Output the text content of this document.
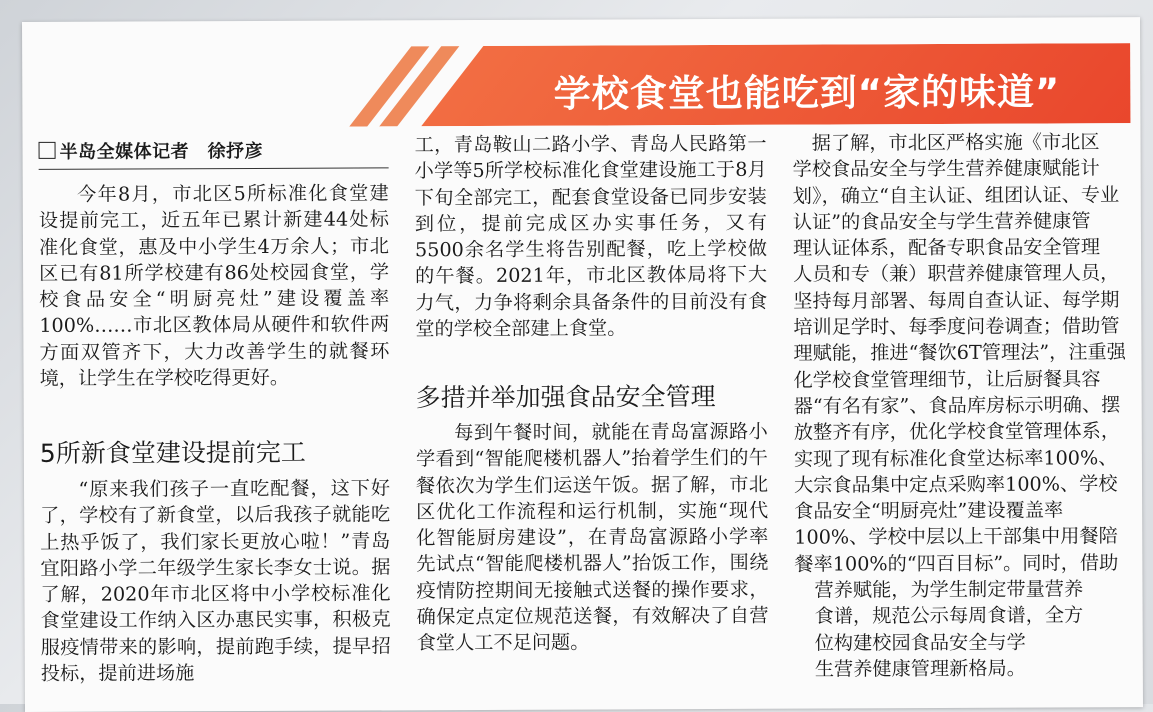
学校食堂也能吃到“家的味道”
半岛全媒体记者　徐抒彦

今年8月，市北区5所标准化食堂建设提前完工，近五年已累计新建44处标准化食堂，惠及中小学生4万余人；市北区已有81所学校建有86处校园食堂，学校食品安全“明厨亮灶”建设覆盖率100%……市北区教体局从硬件和软件两方面双管齐下，大力改善学生的就餐环境，让学生在学校吃得更好。

5所新食堂建设提前完工

“原来我们孩子一直吃配餐，这下好了，学校有了新食堂，以后我孩子就能吃上热乎饭了，我们家长更放心啦！”青岛宜阳路小学二年级学生家长李女士说。据了解，2020年市北区将中小学校标准化食堂建设工作纳入区办惠民实事，积极克服疫情带来的影响，提前跑手续，提早招投标，提前进场施

工，青岛鞍山二路小学、青岛人民路第一小学等5所学校标准化食堂建设施工于8月下旬全部完工，配套食堂设备已同步安装到位，提前完成区办实事任务，又有5500余名学生将告别配餐，吃上学校做的午餐。2021年，市北区教体局将下大力气，力争将剩余具备条件的目前没有食堂的学校全部建上食堂。

多措并举加强食品安全管理

每到午餐时间，就能在青岛富源路小学看到“智能爬楼机器人”抬着学生们的午餐依次为学生们运送午饭。据了解，市北区优化工作流程和运行机制，实施“现代化智能厨房建设”，在青岛富源路小学率先试点“智能爬楼机器人”抬饭工作，围绕疫情防控期间无接触式送餐的操作要求，确保定点定位规范送餐，有效解决了自营食堂人工不足问题。

　据了解，市北区严格实施《市北区

学校食品安全与学生营养健康赋能计

划》，确立“自主认证、组团认证、专业

认证”的食品安全与学生营养健康管

理认证体系，配备专职食品安全管理

人员和专（兼）职营养健康管理人员，

坚持每月部署、每周自查认证、每学期

培训足学时、每季度问卷调查；借助管

理赋能，推进“餐饮6T管理法”，注重强

化学校食堂管理细节，让后厨餐具容

器“有名有家”、食品库房标示明确、摆

放整齐有序，优化学校食堂管理体系，

实现了现有标准化食堂达标率100%、

大宗食品集中定点采购率100%、学校

食品安全“明厨亮灶”建设覆盖率

100%、学校中层以上干部集中用餐陪

餐率100%的“四百目标”。同时，借助

营养赋能，为学生制定带量营养

食谱，规范公示每周食谱，全方

位构建校园食品安全与学

生营养健康管理新格局。
